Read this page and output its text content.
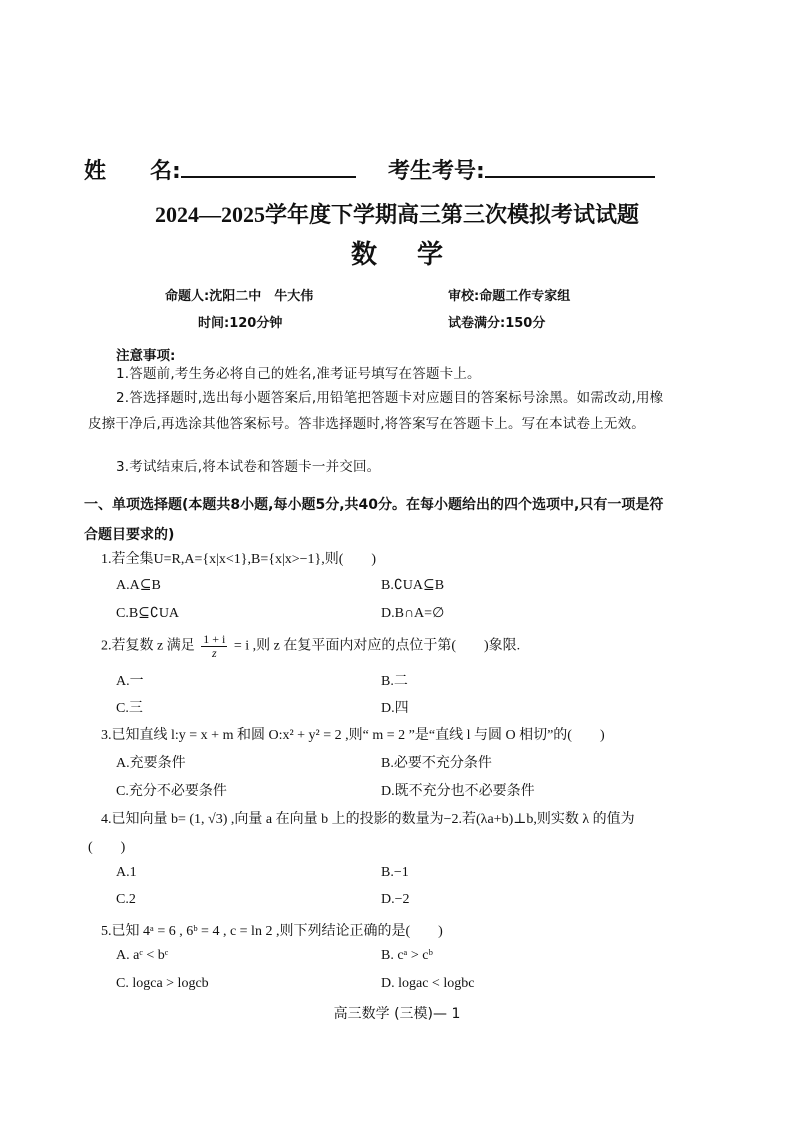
姓　　名:	考生考号:
2024—2025学年度下学期高三第三次模拟考试试题
数学
命题人:沈阳二中　牛大伟	审校:命题工作专家组
时间:120分钟	试卷满分:150分
注意事项:
1.答题前,考生务必将自己的姓名,准考证号填写在答题卡上。
2.答选择题时,选出每小题答案后,用铅笔把答题卡对应题目的答案标号涂黑。如需改动,用橡皮擦干净后,再选涂其他答案标号。答非选择题时,将答案写在答题卡上。写在本试卷上无效。
3.考试结束后,将本试卷和答题卡一并交回。
一、单项选择题(本题共8小题,每小题5分,共40分。在每小题给出的四个选项中,只有一项是符合题目要求的)
1.若全集U=R,A={x|x<1},B={x|x>−1},则(　　)
A.A⊆B	B.∁UA⊆B
C.B⊆∁UA	D.B∩A=∅
2.若复数 z 满足 $\frac{1 + i}{z} = i$ ,则 z 在复平面内对应的点位于第(　　)象限.
A.一	B.二
C.三	D.四
3.已知直线 l:y = x + m 和圆 O:x² + y² = 2 ,则“ m = 2 ”是“直线 l 与圆 O 相切”的(　　)
A.充要条件	B.必要不充分条件
C.充分不必要条件	D.既不充分也不必要条件
4.已知向量 b= (1, √3) ,向量 a 在向量 b 上的投影的数量为−2.若(λa+b)⊥b,则实数 λ 的值为
(　　)
A.1	B.−1
C.2	D.−2
5.已知 4ᵃ = 6 , 6ᵇ = 4 , c = ln 2 ,则下列结论正确的是(　　)
A. aᶜ < bᶜ	B. cᵃ > cᵇ
C. logca > logcb	D. logac < logbc
高三数学 (三模)— 1
